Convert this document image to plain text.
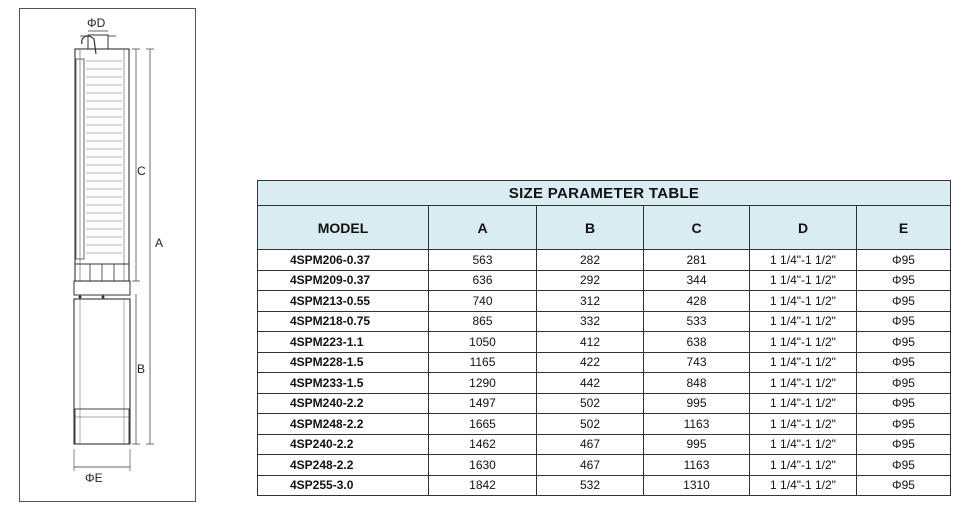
ΦD
C
A
B
ΦE
SIZE PARAMETER TABLE					
MODEL	A	B	C	D	E
4SPM206-0.37	563	282	281	1 1/4"-1 1/2"	Φ95
4SPM209-0.37	636	292	344	1 1/4"-1 1/2"	Φ95
4SPM213-0.55	740	312	428	1 1/4"-1 1/2"	Φ95
4SPM218-0.75	865	332	533	1 1/4"-1 1/2"	Φ95
4SPM223-1.1	1050	412	638	1 1/4"-1 1/2"	Φ95
4SPM228-1.5	1165	422	743	1 1/4"-1 1/2"	Φ95
4SPM233-1.5	1290	442	848	1 1/4"-1 1/2"	Φ95
4SPM240-2.2	1497	502	995	1 1/4"-1 1/2"	Φ95
4SPM248-2.2	1665	502	1163	1 1/4"-1 1/2"	Φ95
4SP240-2.2	1462	467	995	1 1/4"-1 1/2"	Φ95
4SP248-2.2	1630	467	1163	1 1/4"-1 1/2"	Φ95
4SP255-3.0	1842	532	1310	1 1/4"-1 1/2"	Φ95
